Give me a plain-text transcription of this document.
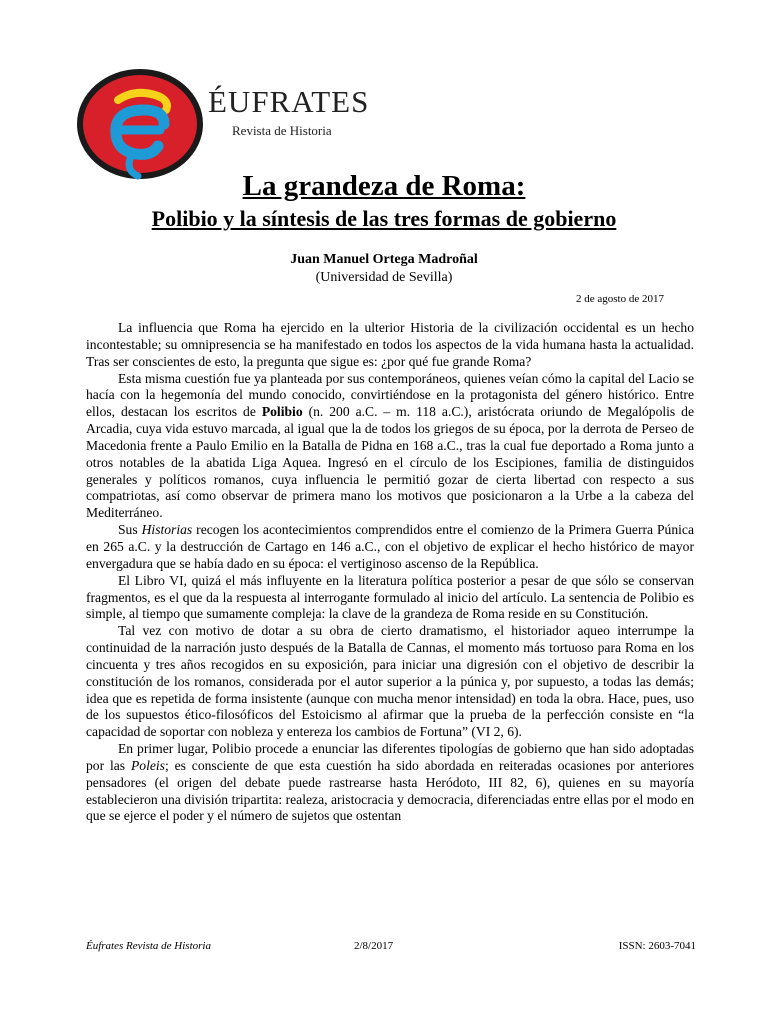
ÉUFRATES

Revista de Historia

La grandeza de Roma:
Polibio y la síntesis de las tres formas de gobierno

Juan Manuel Ortega Madroñal

(Universidad de Sevilla)

2 de agosto de 2017

La influencia que Roma ha ejercido en la ulterior Historia de la civilización occidental es un hecho incontestable; su omnipresencia se ha manifestado en todos los aspectos de la vida humana hasta la actualidad. Tras ser conscientes de esto, la pregunta que sigue es: ¿por qué fue grande Roma?

Esta misma cuestión fue ya planteada por sus contemporáneos, quienes veían cómo la capital del Lacio se hacía con la hegemonía del mundo conocido, convirtiéndose en la protagonista del género histórico. Entre ellos, destacan los escritos de Polibio (n. 200 a.C. – m. 118 a.C.), aristócrata oriundo de Megalópolis de Arcadia, cuya vida estuvo marcada, al igual que la de todos los griegos de su época, por la derrota de Perseo de Macedonia frente a Paulo Emilio en la Batalla de Pidna en 168 a.C., tras la cual fue deportado a Roma junto a otros notables de la abatida Liga Aquea. Ingresó en el círculo de los Escipiones, familia de distinguidos generales y políticos romanos, cuya influencia le permitió gozar de cierta libertad con respecto a sus compatriotas, así como observar de primera mano los motivos que posicionaron a la Urbe a la cabeza del Mediterráneo.

Sus Historias recogen los acontecimientos comprendidos entre el comienzo de la Primera Guerra Púnica en 265 a.C. y la destrucción de Cartago en 146 a.C., con el objetivo de explicar el hecho histórico de mayor envergadura que se había dado en su época: el vertiginoso ascenso de la República.

El Libro VI, quizá el más influyente en la literatura política posterior a pesar de que sólo se conservan fragmentos, es el que da la respuesta al interrogante formulado al inicio del artículo. La sentencia de Polibio es simple, al tiempo que sumamente compleja: la clave de la grandeza de Roma reside en su Constitución.

Tal vez con motivo de dotar a su obra de cierto dramatismo, el historiador aqueo interrumpe la continuidad de la narración justo después de la Batalla de Cannas, el momento más tortuoso para Roma en los cincuenta y tres años recogidos en su exposición, para iniciar una digresión con el objetivo de describir la constitución de los romanos, considerada por el autor superior a la púnica y, por supuesto, a todas las demás; idea que es repetida de forma insistente (aunque con mucha menor intensidad) en toda la obra. Hace, pues, uso de los supuestos ético-filosóficos del Estoicismo al afirmar que la prueba de la perfección consiste en “la capacidad de soportar con nobleza y entereza los cambios de Fortuna” (VI 2, 6).

En primer lugar, Polibio procede a enunciar las diferentes tipologías de gobierno que han sido adoptadas por las Poleis; es consciente de que esta cuestión ha sido abordada en reiteradas ocasiones por anteriores pensadores (el origen del debate puede rastrearse hasta Heródoto, III 82, 6), quienes en su mayoría establecieron una división tripartita: realeza, aristocracia y democracia, diferenciadas entre ellas por el modo en que se ejerce el poder y el número de sujetos que ostentan

Éufrates Revista de Historia	2/8/2017	ISSN: 2603-7041
